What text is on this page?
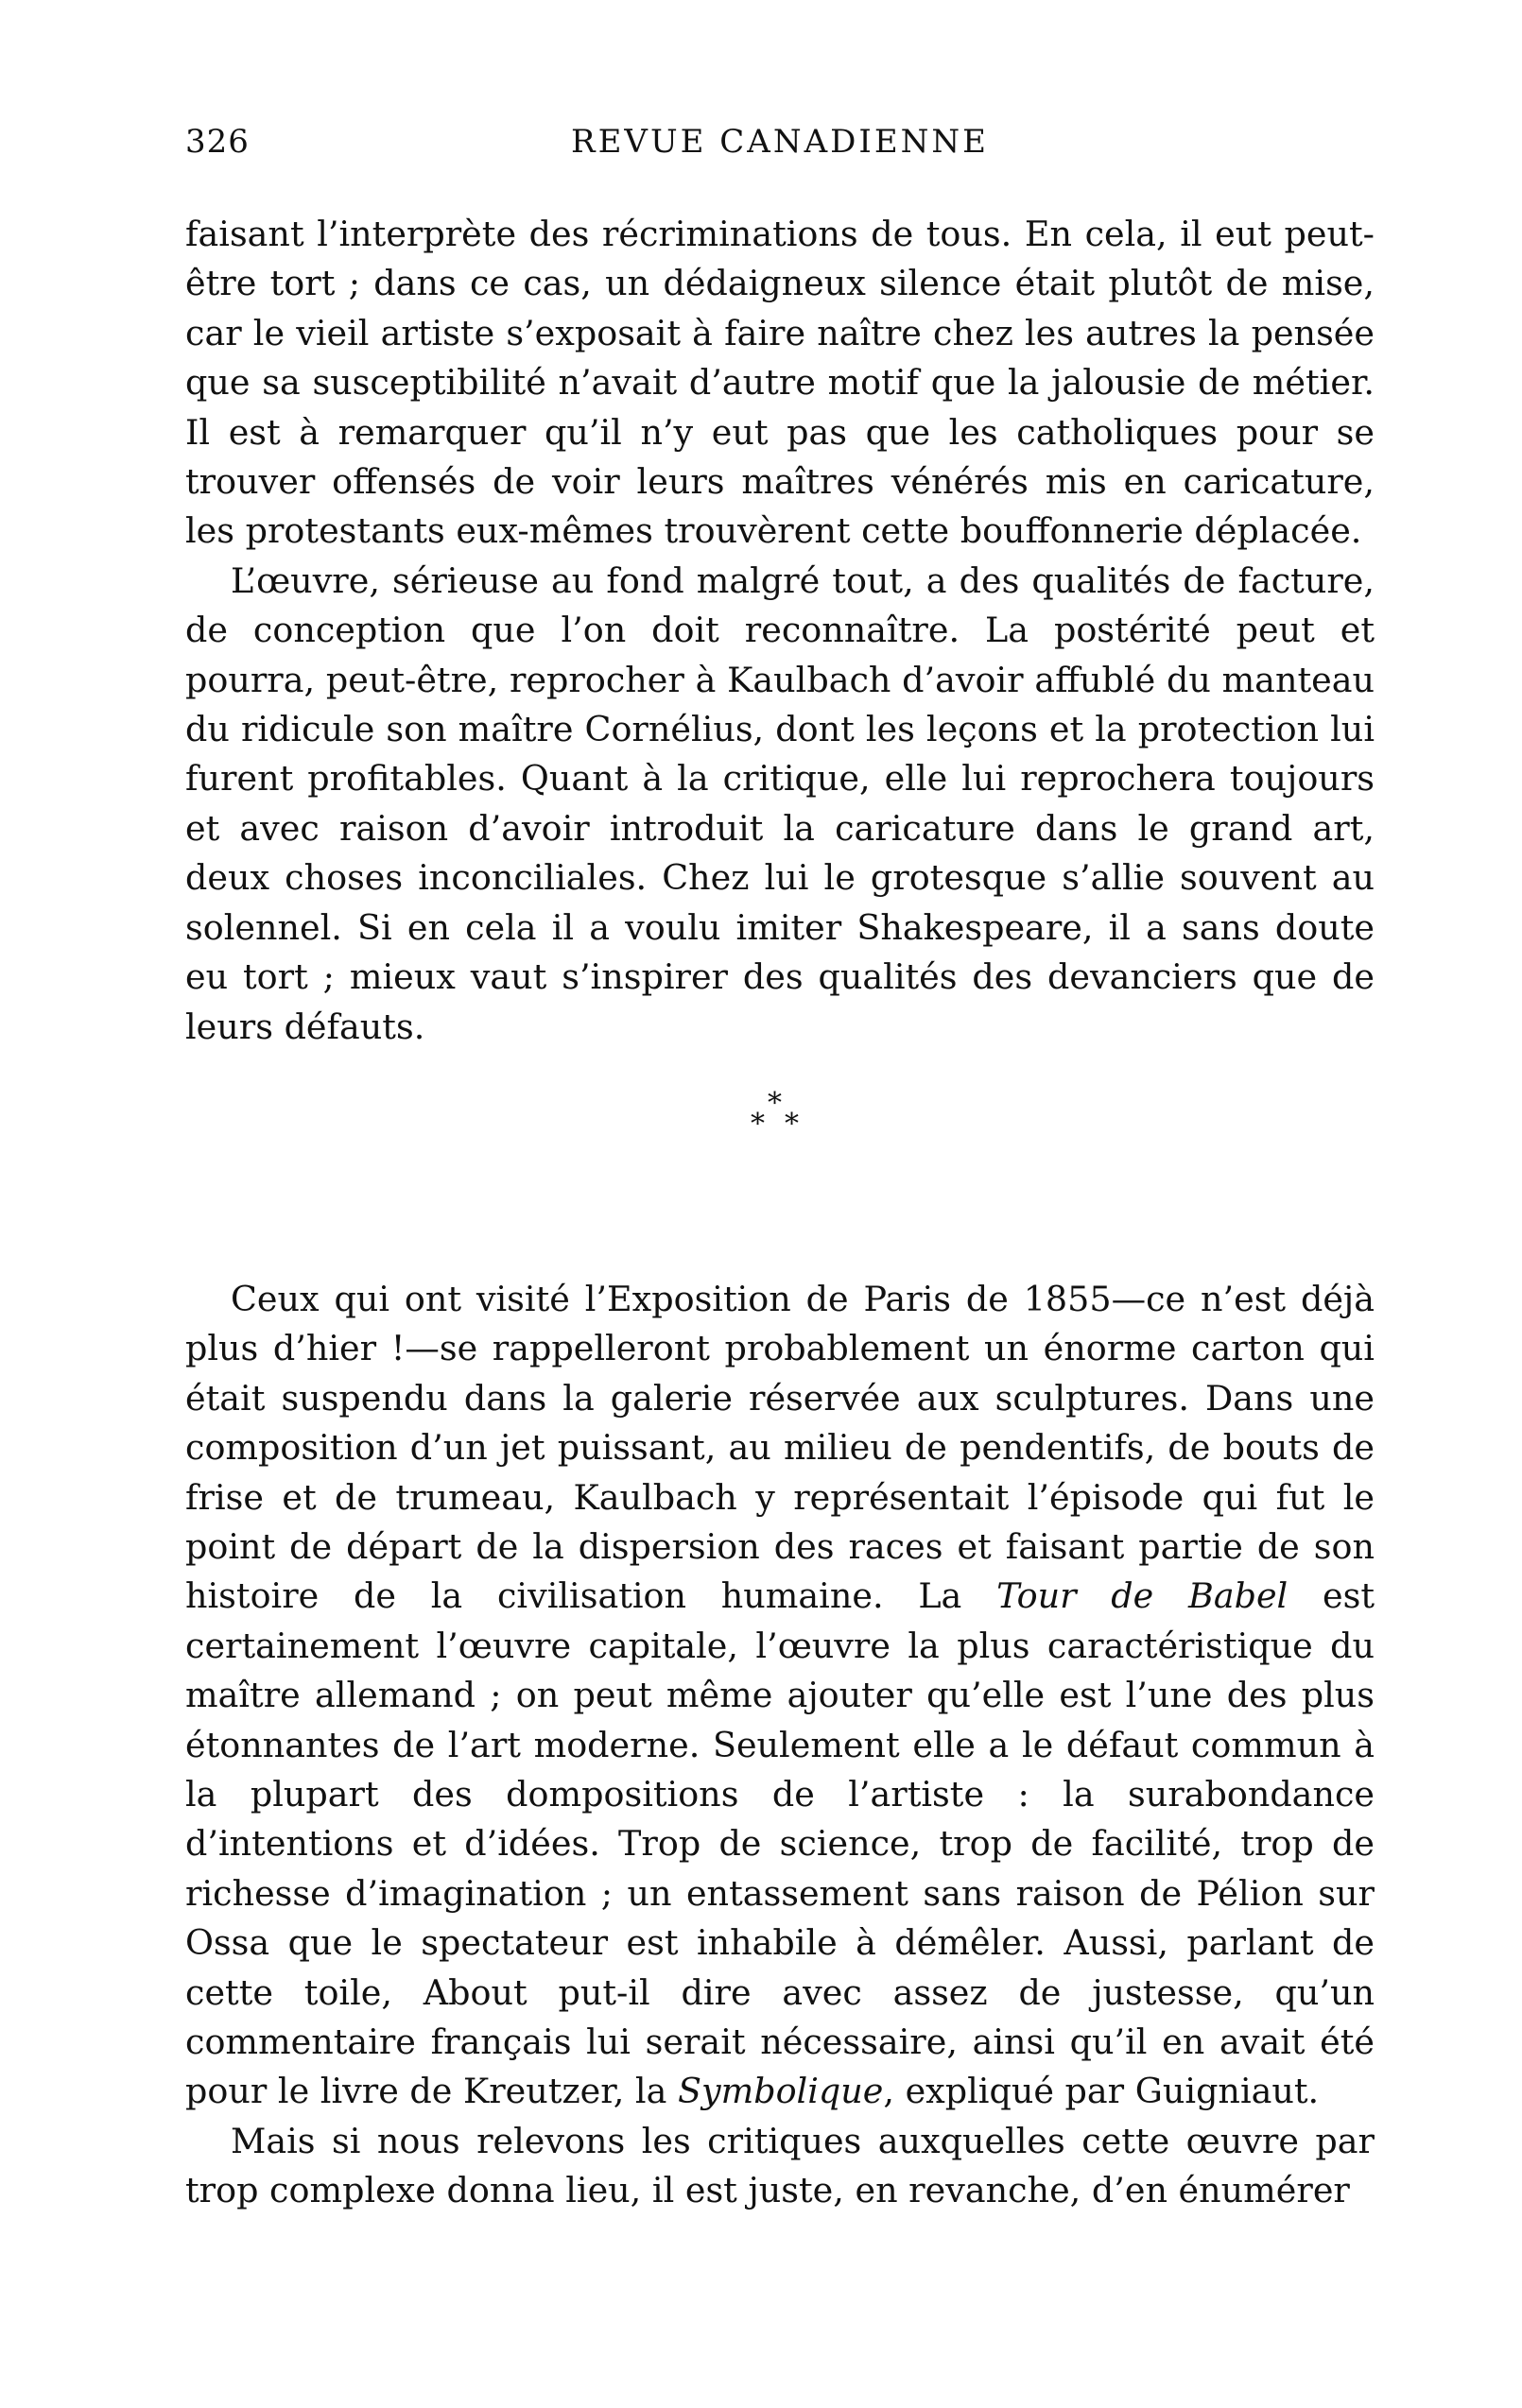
326	REVUE CANADIENNE

faisant l’interprète des récriminations de tous. En cela, il eut peut-être tort ; dans ce cas, un dédaigneux silence était plutôt de mise, car le vieil artiste s’exposait à faire naître chez les autres la pensée que sa susceptibilité n’avait d’autre motif que la jalousie de métier. Il est à remarquer qu’il n’y eut pas que les catholiques pour se trouver offensés de voir leurs maîtres vénérés mis en caricature, les protestants eux-mêmes trouvèrent cette bouffonnerie déplacée.

L’œuvre, sérieuse au fond malgré tout, a des qualités de facture, de conception que l’on doit reconnaître. La postérité peut et pourra, peut-être, reprocher à Kaulbach d’avoir affublé du manteau du ridicule son maître Cornélius, dont les leçons et la protection lui furent profitables. Quant à la critique, elle lui reprochera toujours et avec raison d’avoir introduit la caricature dans le grand art, deux choses inconciliales. Chez lui le grotesque s’allie souvent au solennel. Si en cela il a voulu imiter Shakespeare, il a sans doute eu tort ; mieux vaut s’inspirer des qualités des devanciers que de leurs défauts.

*
* *

Ceux qui ont visité l’Exposition de Paris de 1855—ce n’est déjà plus d’hier !—se rappelleront probablement un énorme carton qui était suspendu dans la galerie réservée aux sculptures. Dans une composition d’un jet puissant, au milieu de pendentifs, de bouts de frise et de trumeau, Kaulbach y représentait l’épisode qui fut le point de départ de la dispersion des races et faisant partie de son histoire de la civilisation humaine. La Tour de Babel est certainement l’œuvre capitale, l’œuvre la plus caractéristique du maître allemand ; on peut même ajouter qu’elle est l’une des plus étonnantes de l’art moderne. Seulement elle a le défaut commun à la plupart des dompositions de l’artiste : la surabondance d’intentions et d’idées. Trop de science, trop de facilité, trop de richesse d’imagination ; un entassement sans raison de Pélion sur Ossa que le spectateur est inhabile à démêler. Aussi, parlant de cette toile, About put-il dire avec assez de justesse, qu’un commentaire français lui serait nécessaire, ainsi qu’il en avait été pour le livre de Kreutzer, la Symbolique, expliqué par Guigniaut.

Mais si nous relevons les critiques auxquelles cette œuvre par trop complexe donna lieu, il est juste, en revanche, d’en énumérer
